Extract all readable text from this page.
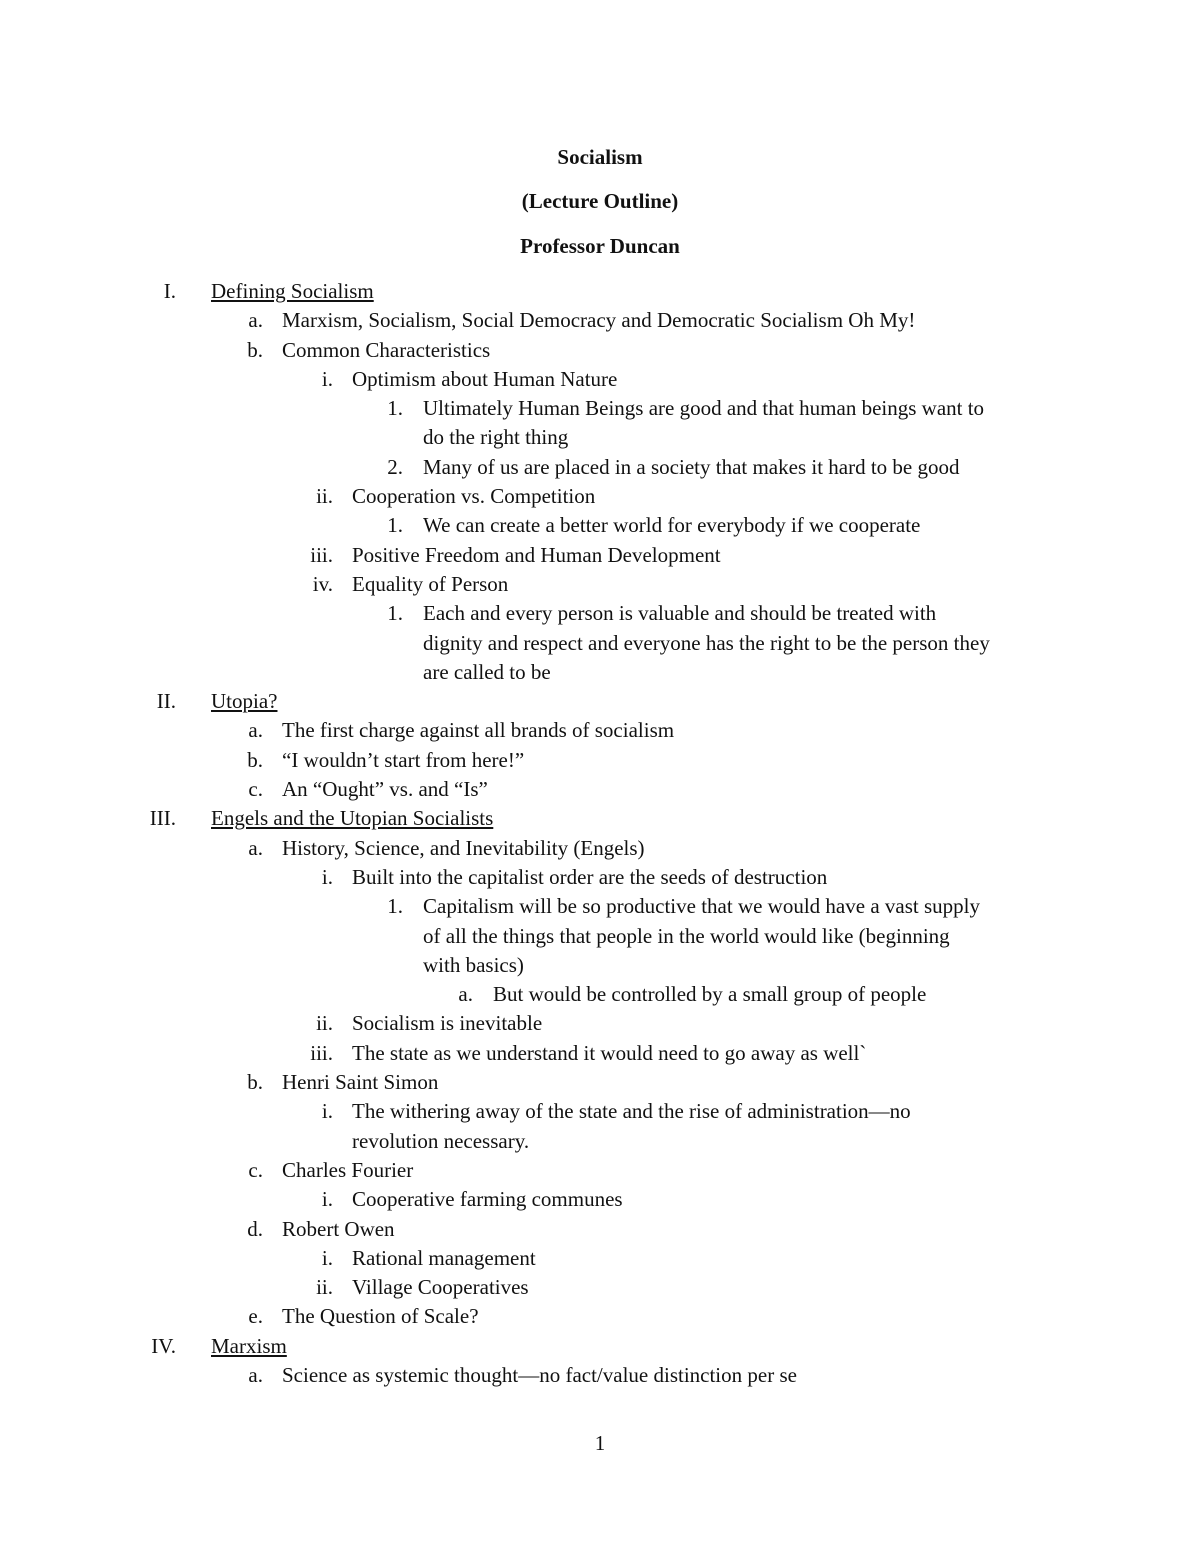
Socialism
(Lecture Outline)
Professor Duncan
I. Defining Socialism
a. Marxism, Socialism, Social Democracy and Democratic Socialism Oh My!
b. Common Characteristics
i. Optimism about Human Nature
1. Ultimately Human Beings are good and that human beings want to
do the right thing
2. Many of us are placed in a society that makes it hard to be good
ii. Cooperation vs. Competition
1. We can create a better world for everybody if we cooperate
iii. Positive Freedom and Human Development
iv. Equality of Person
1. Each and every person is valuable and should be treated with
dignity and respect and everyone has the right to be the person they
are called to be
II. Utopia?
a. The first charge against all brands of socialism
b. “I wouldn’t start from here!”
c. An “Ought” vs. and “Is”
III. Engels and the Utopian Socialists
a. History, Science, and Inevitability (Engels)
i. Built into the capitalist order are the seeds of destruction
1. Capitalism will be so productive that we would have a vast supply
of all the things that people in the world would like (beginning
with basics)
a. But would be controlled by a small group of people
ii. Socialism is inevitable
iii. The state as we understand it would need to go away as well`
b. Henri Saint Simon
i. The withering away of the state and the rise of administration—no
revolution necessary.
c. Charles Fourier
i. Cooperative farming communes
d. Robert Owen
i. Rational management
ii. Village Cooperatives
e. The Question of Scale?
IV. Marxism
a. Science as systemic thought—no fact/value distinction per se
1
